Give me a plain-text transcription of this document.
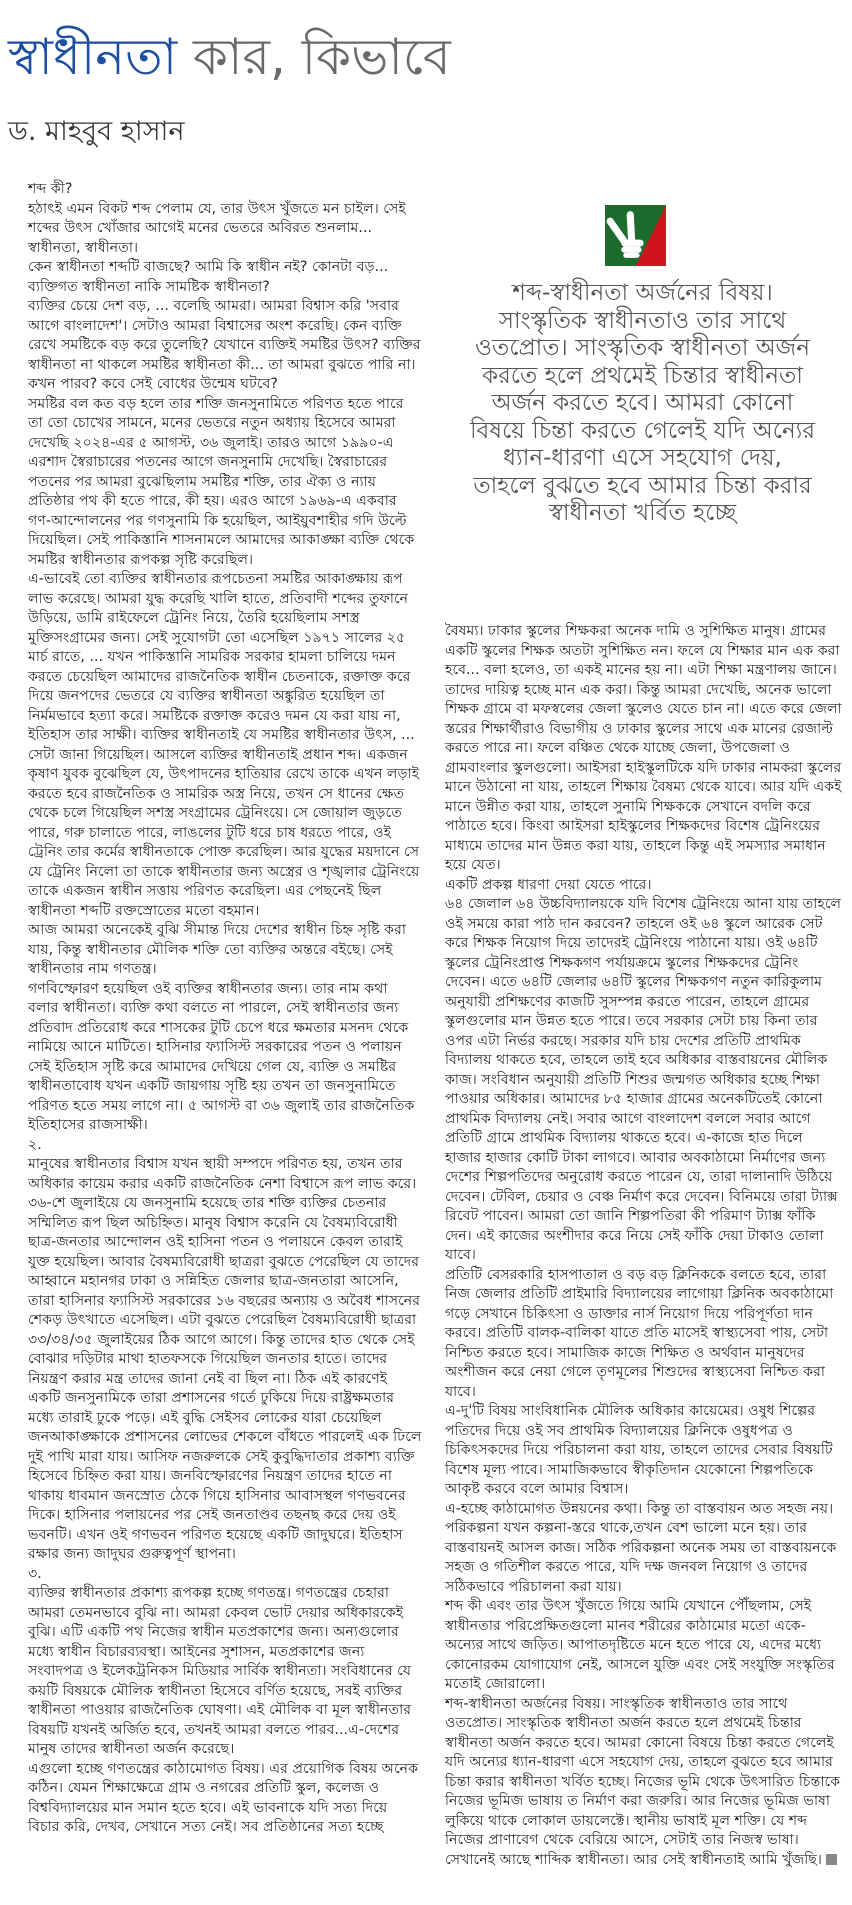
স্বাধীনতা কার, কিভাবে
ড. মাহবুব হাসান

শব্দ কী?

হঠাৎই এমন বিকট শব্দ পেলাম যে, তার উৎস খুঁজতে মন চাইল। সেই শব্দের উৎস খোঁজার আগেই মনের ভেতরে অবিরত শুনলাম... স্বাধীনতা, স্বাধীনতা।

কেন স্বাধীনতা শব্দটি বাজছে? আমি কি স্বাধীন নই? কোনটা বড়... ব্যক্তিগত স্বাধীনতা নাকি সামষ্টিক স্বাধীনতা?

ব্যক্তির চেয়ে দেশ বড়, ... বলেছি আমরা। আমরা বিশ্বাস করি 'সবার আগে বাংলাদেশ'। সেটাও আমরা বিশ্বাসের অংশ করেছি। কেন ব্যক্তি রেখে সমষ্টিকে বড় করে তুলেছি? যেখানে ব্যক্তিই সমষ্টির উৎস? ব্যক্তির স্বাধীনতা না থাকলে সমষ্টির স্বাধীনতা কী... তা আমরা বুঝতে পারি না। কখন পারব? কবে সেই বোধের উন্মেষ ঘটবে?

সমষ্টির বল কত বড় হলে তার শক্তি জনসুনামিতে পরিণত হতে পারে তা তো চোখের সামনে, মনের ভেতরে নতুন অধ্যায় হিসেবে আমরা দেখেছি ২০২৪-এর ৫ আগস্ট, ৩৬ জুলাই। তারও আগে ১৯৯০-এ এরশাদ স্বৈরাচারের পতনের আগে জনসুনামি দেখেছি। স্বৈরাচারের পতনের পর আমরা বুঝেছিলাম সমষ্টির শক্তি, তার ঐক্য ও ন্যায় প্রতিষ্ঠার পথ কী হতে পারে, কী হয়। এরও আগে ১৯৬৯-এ একবার গণ-আন্দোলনের পর গণসুনামি কি হয়েছিল, আইয়ুবশাহীর গদি উল্টে দিয়েছিল। সেই পাকিস্তানি শাসনামলে আমাদের আকাঙ্ক্ষা ব্যক্তি থেকে সমষ্টির স্বাধীনতার রূপকল্প সৃষ্টি করেছিল।

এ-ভাবেই তো ব্যক্তির স্বাধীনতার রূপচেতনা সমষ্টির আকাঙ্ক্ষায় রূপ লাভ করেছে। আমরা যুদ্ধ করেছি খালি হাতে, প্রতিবাদী শব্দের তুফানে উড়িয়ে, ডামি রাইফেলে ট্রেনিং নিয়ে, তৈরি হয়েছিলাম সশস্ত্র মুক্তিসংগ্রামের জন্য। সেই সুযোগটা তো এসেছিল ১৯৭১ সালের ২৫ মার্চ রাতে, ... যখন পাকিস্তানি সামরিক সরকার হামলা চালিয়ে দমন করতে চেয়েছিল আমাদের রাজনৈতিক স্বাধীন চেতনাকে, রক্তাক্ত করে দিয়ে জনপদের ভেতরে যে ব্যক্তির স্বাধীনতা অঙ্কুরিত হয়েছিল তা নির্মমভাবে হত্যা করে। সমষ্টিকে রক্তাক্ত করেও দমন যে করা যায় না, ইতিহাস তার সাক্ষী। ব্যক্তির স্বাধীনতাই যে সমষ্টির স্বাধীনতার উৎস, ... সেটা জানা গিয়েছিল। আসলে ব্যক্তির স্বাধীনতাই প্রধান শব্দ। একজন কৃষাণ যুবক বুঝেছিল যে, উৎপাদনের হাতিয়ার রেখে তাকে এখন লড়াই করতে হবে রাজনৈতিক ও সামরিক অস্ত্র নিয়ে, তখন সে ধানের ক্ষেত থেকে চলে গিয়েছিল সশস্ত্র সংগ্রামের ট্রেনিংয়ে। সে জোয়াল জুড়তে পারে, গরু চালাতে পারে, লাঙলের টুটি ধরে চাষ ধরতে পারে, ওই ট্রেনিং তার কর্মের স্বাধীনতাকে পোক্ত করেছিল। আর যুদ্ধের ময়দানে সে যে ট্রেনিং নিলো তা তাকে স্বাধীনতার জন্য অস্ত্রের ও শৃঙ্খলার ট্রেনিংয়ে তাকে একজন স্বাধীন সত্তায় পরিণত করেছিল। এর পেছনেই ছিল স্বাধীনতা শব্দটি রক্তস্রোতের মতো বহমান।

আজ আমরা অনেকেই বুঝি সীমান্ত দিয়ে দেশের স্বাধীন চিহ্ন সৃষ্টি করা যায়, কিন্তু স্বাধীনতার মৌলিক শক্তি তো ব্যক্তির অন্তরে বইছে। সেই স্বাধীনতার নাম গণতন্ত্র।

গণবিস্ফোরণ হয়েছিল ওই ব্যক্তির স্বাধীনতার জন্য। তার নাম কথা বলার স্বাধীনতা। ব্যক্তি কথা বলতে না পারলে, সেই স্বাধীনতার জন্য প্রতিবাদ প্রতিরোধ করে শাসকের টুটি চেপে ধরে ক্ষমতার মসনদ থেকে নামিয়ে আনে মাটিতে। হাসিনার ফ্যাসিস্ট সরকারের পতন ও পলায়ন সেই ইতিহাস সৃষ্টি করে আমাদের দেখিয়ে গেল যে, ব্যক্তি ও সমষ্টির স্বাধীনতাবোধ যখন একটি জায়গায় সৃষ্টি হয় তখন তা জনসুনামিতে পরিণত হতে সময় লাগে না। ৫ আগস্ট বা ৩৬ জুলাই তার রাজনৈতিক ইতিহাসের রাজসাক্ষী।

২.

মানুষের স্বাধীনতার বিশ্বাস যখন স্থায়ী সম্পদে পরিণত হয়, তখন তার অধিকার কায়েম করার একটি রাজনৈতিক নেশা বিশ্বাসে রূপ লাভ করে। ৩৬-শে জুলাইয়ে যে জনসুনামি হয়েছে তার শক্তি ব্যক্তির চেতনার সম্মিলিত রূপ ছিল অচিহ্নিত। মানুষ বিশ্বাস করেনি যে বৈষম্যবিরোধী ছাত্র-জনতার আন্দোলন ওই হাসিনা পতন ও পলায়নে কেবল তারাই যুক্ত হয়েছিল। আবার বৈষম্যবিরোধী ছাত্ররা বুঝতে পেরেছিল যে তাদের আহ্বানে মহানগর ঢাকা ও সন্নিহিত জেলার ছাত্র-জনতারা আসেনি, তারা হাসিনার ফ্যাসিস্ট সরকারের ১৬ বছরের অন্যায় ও অবৈধ শাসনের শেকড় উৎখাতে এসেছিল। এটা বুঝতে পেরেছিল বৈষম্যবিরোধী ছাত্ররা ৩৩/৩৪/৩৫ জুলাইয়ের ঠিক আগে আগে। কিন্তু তাদের হাত থেকে সেই বোঝার দড়িটার মাথা হাতফসকে গিয়েছিল জনতার হাতে। তাদের নিয়ন্ত্রণ করার মন্ত্র তাদের জানা নেই বা ছিল না। ঠিক এই কারণেই একটি জনসুনামিকে তারা প্রশাসনের গর্তে ঢুকিয়ে দিয়ে রাষ্ট্রক্ষমতার মধ্যে তারাই ঢুকে পড়ে। এই বুদ্ধি সেইসব লোকের যারা চেয়েছিল জনআকাঙ্ক্ষাকে প্রশাসনের লোভের শেকলে বাঁধতে পারলেই এক ঢিলে দুই পাখি মারা যায়। আসিফ নজরুলকে সেই কুবুদ্ধিদাতার প্রকাশ্য ব্যক্তি হিসেবে চিহ্নিত করা যায়। জনবিস্ফোরণের নিয়ন্ত্রণ তাদের হাতে না থাকায় ধাবমান জনস্রোত ঠেকে গিয়ে হাসিনার আবাসস্থল গণভবনের দিকে। হাসিনার পলায়নের পর সেই জনতাণ্ডব তছনছ করে দেয় ওই ভবনটি। এখন ওই গণভবন পরিণত হয়েছে একটি জাদুঘরে। ইতিহাস রক্ষার জন্য জাদুঘর গুরুত্বপূর্ণ স্থাপনা।

৩.

ব্যক্তির স্বাধীনতার প্রকাশ্য রূপকল্প হচ্ছে গণতন্ত্র। গণতন্ত্রের চেহারা আমরা তেমনভাবে বুঝি না। আমরা কেবল ভোট দেয়ার অধিকারকেই বুঝি। এটি একটি পথ নিজের স্বাধীন মতপ্রকাশের জন্য। অন্যগুলোর মধ্যে স্বাধীন বিচারব্যবস্থা। আইনের সুশাসন, মতপ্রকাশের জন্য সংবাদপত্র ও ইলেকট্রনিকস মিডিয়ার সার্বিক স্বাধীনতা। সংবিধানের যে কয়টি বিষয়কে মৌলিক স্বাধীনতা হিসেবে বর্ণিত হয়েছে, সবই ব্যক্তির স্বাধীনতা পাওয়ার রাজনৈতিক ঘোষণা। এই মৌলিক বা মূল স্বাধীনতার বিষয়টি যখনই অর্জিত হবে, তখনই আমরা বলতে পারব...এ-দেশের মানুষ তাদের স্বাধীনতা অর্জন করেছে।

এগুলো হচ্ছে গণতন্ত্রের কাঠামোগত বিষয়। এর প্রয়োগিক বিষয় অনেক কঠিন। যেমন শিক্ষাক্ষেত্রে গ্রাম ও নগরের প্রতিটি স্কুল, কলেজ ও বিশ্ববিদ্যালয়ের মান সমান হতে হবে। এই ভাবনাকে যদি সত্য দিয়ে বিচার করি, দেখব, সেখানে সত্য নেই। সব প্রতিষ্ঠানের সত্য হচ্ছে

শব্দ-স্বাধীনতা অর্জনের বিষয়।
সাংস্কৃতিক স্বাধীনতাও তার সাথে
ওতপ্রোত। সাংস্কৃতিক স্বাধীনতা অর্জন
করতে হলে প্রথমেই চিন্তার স্বাধীনতা
অর্জন করতে হবে। আমরা কোনো
বিষয়ে চিন্তা করতে গেলেই যদি অন্যের
ধ্যান-ধারণা এসে সহযোগ দেয়,
তাহলে বুঝতে হবে আমার চিন্তা করার
স্বাধীনতা খর্বিত হচ্ছে

বৈষম্য। ঢাকার স্কুলের শিক্ষকরা অনেক দামি ও সুশিক্ষিত মানুষ। গ্রামের একটি স্কুলের শিক্ষক অতটা সুশিক্ষিত নন। ফলে যে শিক্ষার মান এক করা হবে... বলা হলেও, তা একই মানের হয় না। এটা শিক্ষা মন্ত্রণালয় জানে। তাদের দায়িত্ব হচ্ছে মান এক করা। কিন্তু আমরা দেখেছি, অনেক ভালো শিক্ষক গ্রামে বা মফস্বলের জেলা স্কুলেও যেতে চান না। এতে করে জেলা স্তরের শিক্ষার্থীরাও বিভাগীয় ও ঢাকার স্কুলের সাথে এক মানের রেজাল্ট করতে পারে না। ফলে বঞ্চিত থেকে যাচ্ছে জেলা, উপজেলা ও গ্রামবাংলার স্কুলগুলো। আইসরা হাইস্কুলটিকে যদি ঢাকার নামকরা স্কুলের মানে উঠানো না যায়, তাহলে শিক্ষায় বৈষম্য থেকে যাবে। আর যদি একই মানে উন্নীত করা যায়, তাহলে সুনামি শিক্ষককে সেখানে বদলি করে পাঠাতে হবে। কিংবা আইসরা হাইস্কুলের শিক্ষকদের বিশেষ ট্রেনিংয়ের মাধ্যমে তাদের মান উন্নত করা যায়, তাহলে কিন্তু এই সমস্যার সমাধান হয়ে যেত।

একটি প্রকল্প ধারণা দেয়া যেতে পারে।

৬৪ জেলাল ৬৪ উচ্চবিদ্যালয়কে যদি বিশেষ ট্রেনিংয়ে আনা যায় তাহলে ওই সময়ে কারা পাঠ দান করবেন? তাহলে ওই ৬৪ স্কুলে আরেক সেট করে শিক্ষক নিয়োগ দিয়ে তাদেরই ট্রেনিংয়ে পাঠানো যায়। ওই ৬৪টি স্কুলের ট্রেনিংপ্রাপ্ত শিক্ষকগণ পর্যায়ক্রমে স্কুলের শিক্ষকদের ট্রেনিং দেবেন। এতে ৬৪টি জেলার ৬৪টি স্কুলের শিক্ষকগণ নতুন কারিকুলাম অনুযায়ী প্রশিক্ষণের কাজটি সুসম্পন্ন করতে পারেন, তাহলে গ্রামের স্কুলগুলোর মান উন্নত হতে পারে। তবে সরকার সেটা চায় কিনা তার ওপর এটা নির্ভর করছে। সরকার যদি চায় দেশের প্রতিটি প্রাথমিক বিদ্যালয় থাকতে হবে, তাহলে তাই হবে অধিকার বাস্তবায়নের মৌলিক কাজ। সংবিধান অনুযায়ী প্রতিটি শিশুর জন্মগত অধিকার হচ্ছে শিক্ষা পাওয়ার অধিকার। আমাদের ৮৫ হাজার গ্রামের অনেকটিতেই কোনো প্রাথমিক বিদ্যালয় নেই। সবার আগে বাংলাদেশ বললে সবার আগে প্রতিটি গ্রামে প্রাথমিক বিদ্যালয় থাকতে হবে। এ-কাজে হাত দিলে হাজার হাজার কোটি টাকা লাগবে। আবার অবকাঠামো নির্মাণের জন্য দেশের শিল্পপতিদের অনুরোধ করতে পারেন যে, তারা দালানাদি উঠিয়ে দেবেন। টেবিল, চেয়ার ও বেঞ্চ নির্মাণ করে দেবেন। বিনিময়ে তারা ট্যাক্স রিবেট পাবেন। আমরা তো জানি শিল্পপতিরা কী পরিমাণ ট্যাক্স ফাঁকি দেন। এই কাজের অংশীদার করে নিয়ে সেই ফাঁকি দেয়া টাকাও তোলা যাবে।

প্রতিটি বেসরকারি হাসপাতাল ও বড় বড় ক্লিনিককে বলতে হবে, তারা নিজ জেলার প্রতিটি প্রাইমারি বিদ্যালয়ের লাগোয়া ক্লিনিক অবকাঠামো গড়ে সেখানে চিকিৎসা ও ডাক্তার নার্স নিয়োগ দিয়ে পরিপূর্ণতা দান করবে। প্রতিটি বালক-বালিকা যাতে প্রতি মাসেই স্বাস্থ্যসেবা পায়, সেটা নিশ্চিত করতে হবে। সামাজিক কাজে শিক্ষিত ও অর্থবান মানুষদের অংশীজন করে নেয়া গেলে তৃণমূলের শিশুদের স্বাস্থ্যসেবা নিশ্চিত করা যাবে।

এ-দু'টি বিষয় সাংবিধানিক মৌলিক অধিকার কায়েমের। ওষুধ শিল্পের পতিদের দিয়ে ওই সব প্রাথমিক বিদ্যালয়ের ক্লিনিকে ওষুধপত্র ও চিকিৎসকদের দিয়ে পরিচালনা করা যায়, তাহলে তাদের সেবার বিষয়টি বিশেষ মূল্য পাবে। সামাজিকভাবে স্বীকৃতিদান যেকোনো শিল্পপতিকে আকৃষ্ট করবে বলে আমার বিশ্বাস।

এ-হচ্ছে কাঠামোগত উন্নয়নের কথা। কিন্তু তা বাস্তবায়ন অত সহজ নয়। পরিকল্পনা যখন কল্পনা-স্তরে থাকে,তখন বেশ ভালো মনে হয়। তার বাস্তবায়নই আসল কাজ। সঠিক পরিকল্পনা অনেক সময় তা বাস্তবায়নকে সহজ ও গতিশীল করতে পারে, যদি দক্ষ জনবল নিয়োগ ও তাদের সঠিকভাবে পরিচালনা করা যায়।

শব্দ কী এবং তার উৎস খুঁজতে গিয়ে আমি যেখানে পৌঁছলাম, সেই স্বাধীনতার পরিপ্রেক্ষিতগুলো মানব শরীরের কাঠামোর মতো একে-অন্যের সাথে জড়িত। আপাতদৃষ্টিতে মনে হতে পারে যে, এদের মধ্যে কোনোরকম যোগাযোগ নেই, আসলে যুক্তি এবং সেই সংযুক্তি সংস্কৃতির মতোই জোরালো।

শব্দ-স্বাধীনতা অর্জনের বিষয়। সাংস্কৃতিক স্বাধীনতাও তার সাথে ওতপ্রোত। সাংস্কৃতিক স্বাধীনতা অর্জন করতে হলে প্রথমেই চিন্তার স্বাধীনতা অর্জন করতে হবে। আমরা কোনো বিষয়ে চিন্তা করতে গেলেই যদি অন্যের ধ্যান-ধারণা এসে সহযোগ দেয়, তাহলে বুঝতে হবে আমার চিন্তা করার স্বাধীনতা খর্বিত হচ্ছে। নিজের ভূমি থেকে উৎসারিত চিন্তাকে নিজের ভূমিজ ভাষায় ত নির্মাণ করা জরুরি। আর নিজের ভূমিজ ভাষা লুকিয়ে থাকে লোকাল ডায়লেক্টে। স্থানীয় ভাষাই মূল শক্তি। যে শব্দ নিজের প্রাণাবেগ থেকে বেরিয়ে আসে, সেটাই তার নিজস্ব ভাষা। সেখানেই আছে শাব্দিক স্বাধীনতা। আর সেই স্বাধীনতাই আমি খুঁজছি।
